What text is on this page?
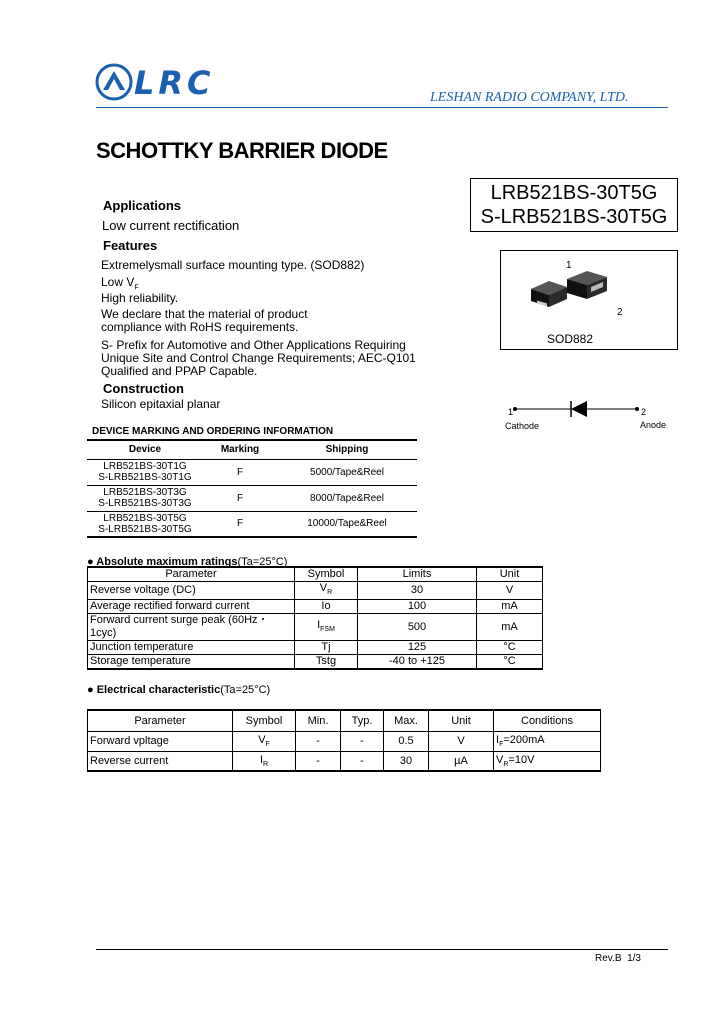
LRC	LESHAN RADIO COMPANY, LTD.
SCHOTTKY BARRIER DIODE
LRB521BS-30T5G
S-LRB521BS-30T5G
Applications
Low current rectification
Features
Extremelysmall surface mounting type. (SOD882)
Low $V_F$
High reliability.
We declare that the material of product
compliance with RoHS requirements.
S- Prefix for Automotive and Other Applications Requiring
Unique Site and Control Change Requirements; AEC-Q101
Qualified and PPAP Capable.
Construction
Silicon epitaxial planar
1
2
SOD882
1	2
Cathode	Anode
DEVICE MARKING AND ORDERING INFORMATION
Device	Marking	Shipping

LRB521BS-30T1G
S-LRB521BS-30T1G	F	5000/Tape&Reel

LRB521BS-30T3G
S-LRB521BS-30T3G	F	8000/Tape&Reel

LRB521BS-30T5G
S-LRB521BS-30T5G	F	10000/Tape&Reel
● Absolute maximum ratings(Ta=25°C)
Parameter	Symbol	Limits	Unit
Reverse voltage (DC)	$V_R$	30	V
Average rectified forward current	Io	100	mA
Forward current surge peak (60Hz・1cyc)	$I_{FSM}$	500	mA
Junction temperature	Tj	125	°C
Storage temperature	Tstg	-40 to +125	°C
● Electrical characteristic(Ta=25°C)
Parameter	Symbol	Min.	Typ.	Max.	Unit	Conditions
Forward vpltage	$V_F$	-	-	0.5	V	$I_F=200mA$
Reverse current	$I_R$	-	-	30	µA	$V_R=10V$
Rev.B 1/3
